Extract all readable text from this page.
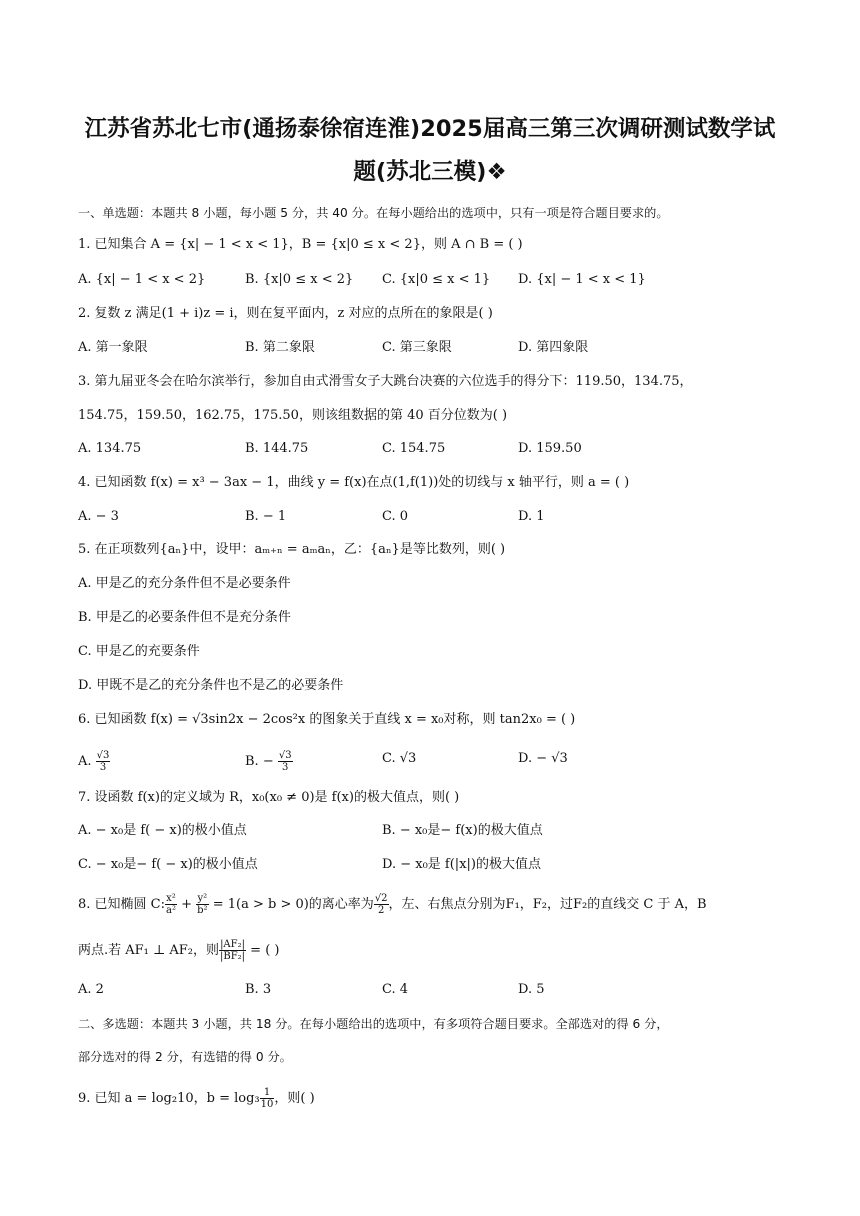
江苏省苏北七市(通扬泰徐宿连淮)2025届高三第三次调研测试数学试
题(苏北三模)❖
一、单选题：本题共 8 小题，每小题 5 分，共 40 分。在每小题给出的选项中，只有一项是符合题目要求的。
1. 已知集合 A = {x| − 1 < x < 1}，B = {x|0 ≤ x < 2}，则 A ∩ B = ( )
A. {x| − 1 < x < 2}	B. {x|0 ≤ x < 2} C. {x|0 ≤ x < 1} D. {x| − 1 < x < 1}
2. 复数 z 满足(1 + i)z = i，则在复平面内，z 对应的点所在的象限是( )
A. 第一象限	B. 第二象限	C. 第三象限	D. 第四象限
3. 第九届亚冬会在哈尔滨举行，参加自由式滑雪女子大跳台决赛的六位选手的得分下：119.50，134.75，
154.75，159.50，162.75，175.50，则该组数据的第 40 百分位数为( )
A. 134.75	B. 144.75	C. 154.75	D. 159.50
4. 已知函数 f(x) = x³ − 3ax − 1，曲线 y = f(x)在点(1,f(1))处的切线与 x 轴平行，则 a = ( )
A. − 3	B. − 1	C. 0	D. 1
5. 在正项数列{aₙ}中，设甲：aₘ₊ₙ = aₘaₙ，乙：{aₙ}是等比数列，则( )
A. 甲是乙的充分条件但不是必要条件
B. 甲是乙的必要条件但不是充分条件
C. 甲是乙的充要条件
D. 甲既不是乙的充分条件也不是乙的必要条件
6. 已知函数 f(x) = √3sin2x − 2cos²x 的图象关于直线 x = x₀对称，则 tan2x₀ = ( )
A. $\frac{√3}{3}$	B. − $\frac{√3}{3}$	C. √3	D. − √3
7. 设函数 f(x)的定义域为 R，x₀(x₀ ≠ 0)是 f(x)的极大值点，则( )
A. − x₀是 f( − x)的极小值点	B. − x₀是− f(x)的极大值点
C. − x₀是− f( − x)的极小值点	D. − x₀是 f(|x|)的极大值点
8. 已知椭圆 C: $\frac{\text{x²}}{\text{a²}} + \frac{\text{y²}}{\text{b²}} = 1(a > b > 0)$的离心率为 $\frac{√2}{2}$ ，左、右焦点分别为F₁，F₂，过F₂的直线交 C 于 A，B
两点.若 AF₁ ⊥ AF₂，则 $\frac{\text{|AF₂|}}{\text{|BF₂|}}$ = ( )
A. 2	B. 3	C. 4	D. 5
二、多选题：本题共 3 小题，共 18 分。在每小题给出的选项中，有多项符合题目要求。全部选对的得 6 分，
部分选对的得 2 分，有选错的得 0 分。
9. 已知 a = log₂10，$b = \log_3 \frac{1}{10}$ ，则( )
